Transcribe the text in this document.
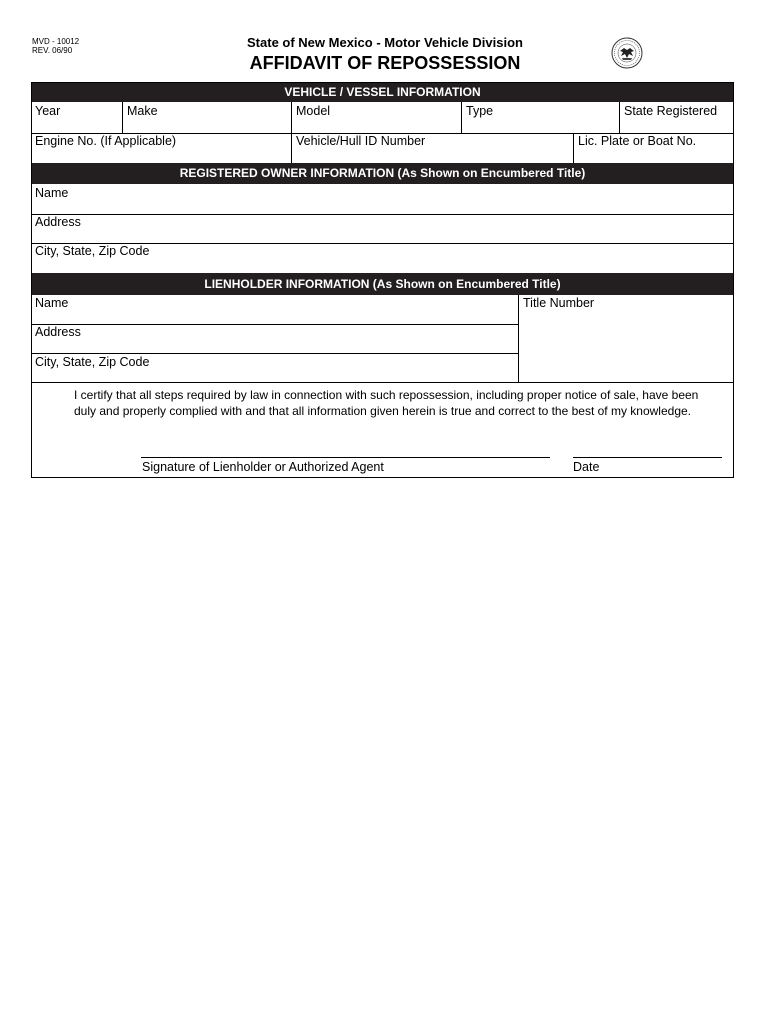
MVD - 10012
REV. 06/90
State of New Mexico - Motor Vehicle Division
AFFIDAVIT OF REPOSSESSION
VEHICLE / VESSEL INFORMATION
Year	Make	Model	Type	State Registered
Engine No. (If Applicable)	Vehicle/Hull ID Number	Lic. Plate or Boat No.
REGISTERED OWNER INFORMATION (As Shown on Encumbered Title)
Name
Address
City, State, Zip Code
LIENHOLDER INFORMATION (As Shown on Encumbered Title)
Name	Title Number
Address
City, State, Zip Code
I certify that all steps required by law in connection with such repossession, including proper notice of sale, have been duly and properly complied with and that all information given herein is true and correct to the best of my knowledge.
Signature of Lienholder or Authorized Agent	Date
